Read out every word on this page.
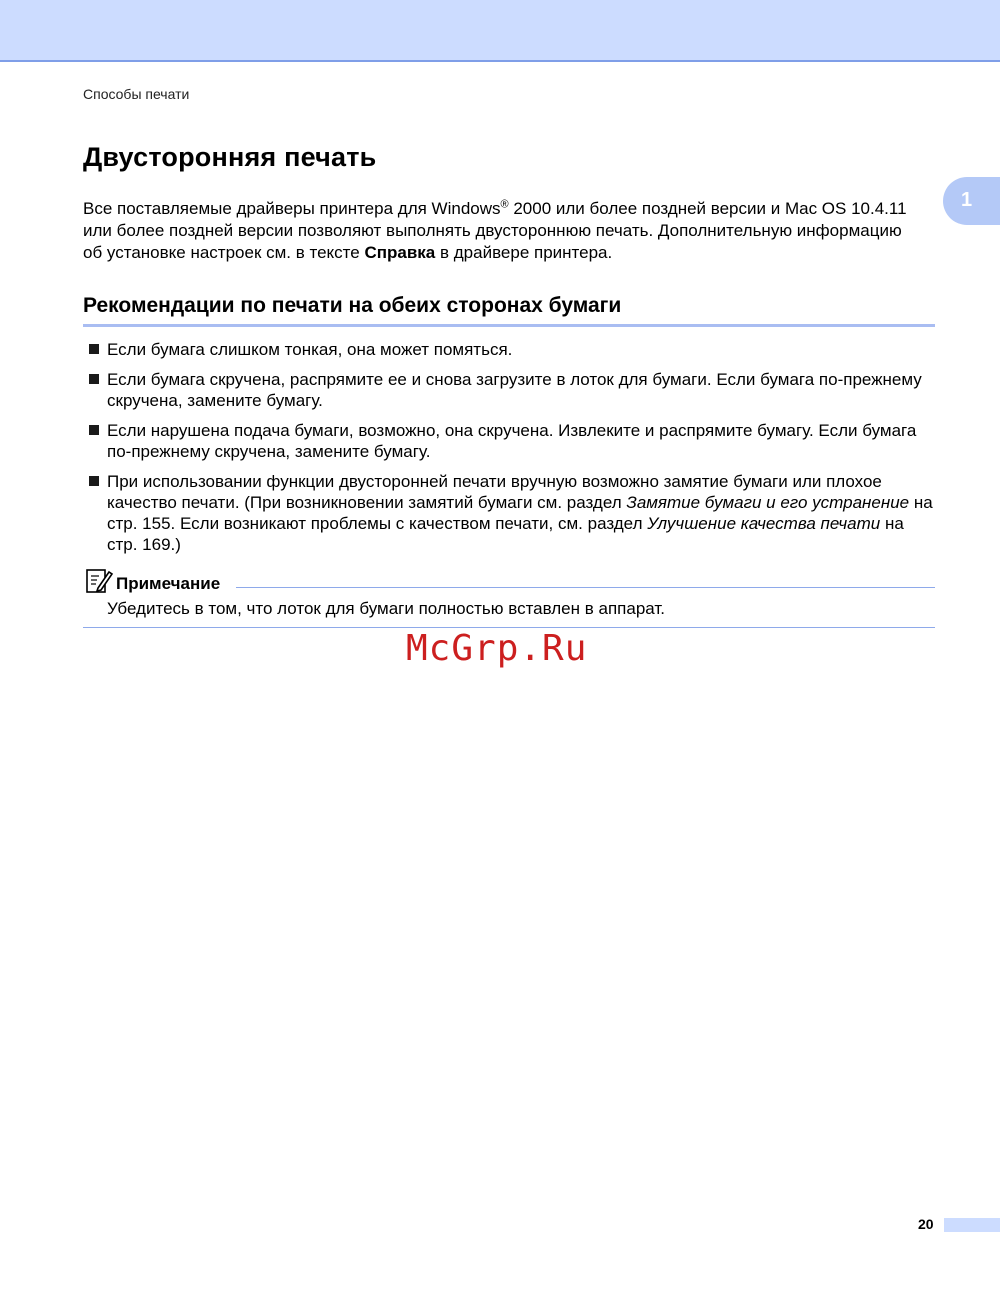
Способы печати
1
Двусторонняя печать

Все поставляемые драйверы принтера для Windows® 2000 или более поздней версии и Mac OS 10.4.11 или более поздней версии позволяют выполнять двустороннюю печать. Дополнительную информацию об установке настроек см. в тексте Справка в драйвере принтера.

Рекомендации по печати на обеих сторонах бумаги
Если бумага слишком тонкая, она может помяться.
Если бумага скручена, распрямите ее и снова загрузите в лоток для бумаги. Если бумага по-прежнему скручена, замените бумагу.
Если нарушена подача бумаги, возможно, она скручена. Извлеките и распрямите бумагу. Если бумага по-прежнему скручена, замените бумагу.
При использовании функции двусторонней печати вручную возможно замятие бумаги или плохое качество печати. (При возникновении замятий бумаги см. раздел Замятие бумаги и его устранение на стр. 155. Если возникают проблемы с качеством печати, см. раздел Улучшение качества печати на стр. 169.)
Примечание
Убедитесь в том, что лоток для бумаги полностью вставлен в аппарат.
McGrp.Ru
20
